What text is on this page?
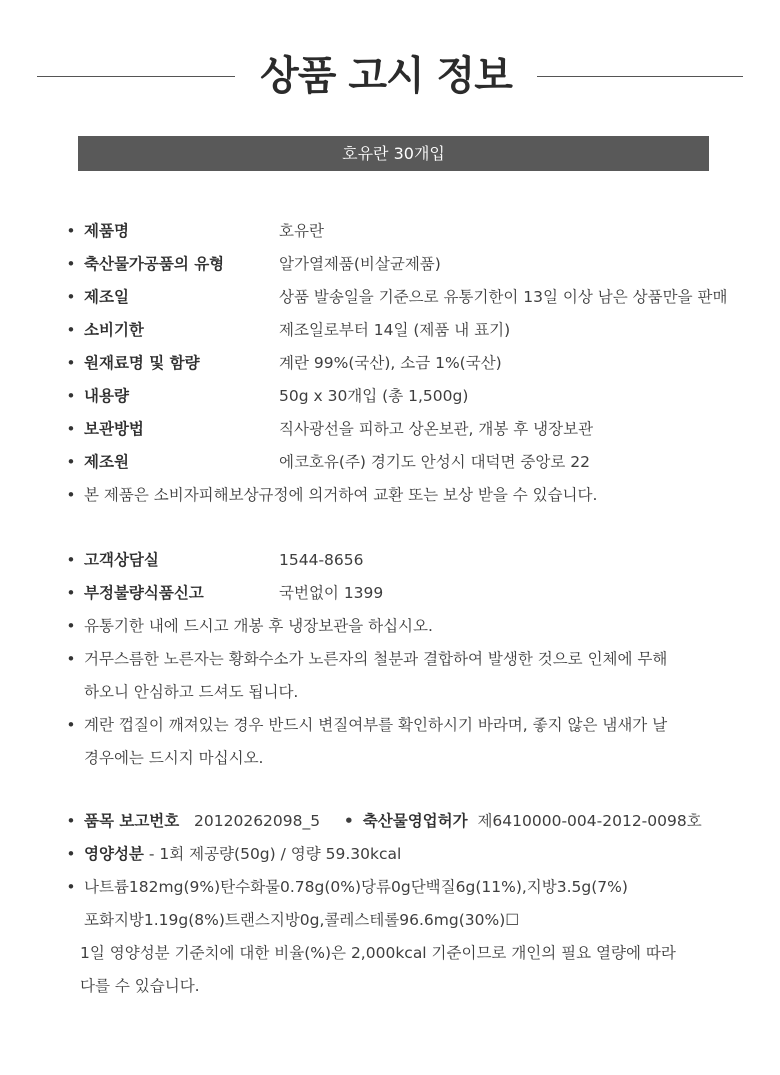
상품 고시 정보
호유란 30개입
• 제품명	호유란
• 축산물가공품의 유형	알가열제품(비살균제품)
• 제조일	상품 발송일을 기준으로 유통기한이 13일 이상 남은 상품만을 판매
• 소비기한	제조일로부터 14일 (제품 내 표기)
• 원재료명 및 함량	계란 99%(국산), 소금 1%(국산)
• 내용량	50g x 30개입 (총 1,500g)
• 보관방법	직사광선을 피하고 상온보관, 개봉 후 냉장보관
• 제조원	에코호유(주) 경기도 안성시 대덕면 중앙로 22
• 본 제품은 소비자피해보상규정에 의거하여 교환 또는 보상 받을 수 있습니다.
• 고객상담실	1544-8656
• 부정불량식품신고	국번없이 1399
• 유통기한 내에 드시고 개봉 후 냉장보관을 하십시오.
• 거무스름한 노른자는 황화수소가 노른자의 철분과 결합하여 발생한 것으로 인체에 무해
하오니 안심하고 드셔도 됩니다.
• 계란 껍질이 깨져있는 경우 반드시 변질여부를 확인하시기 바라며, 좋지 않은 냄새가 날
경우에는 드시지 마십시오.
• 품목 보고번호 20120262098_5 • 축산물영업허가 제6410000-004-2012-0098호
• 영양성분 - 1회 제공량(50g) / 영량 59.30kcal
• 나트륨182mg(9%)탄수화물0.78g(0%)당류0g단백질6g(11%),지방3.5g(7%)
포화지방1.19g(8%)트랜스지방0g,콜레스테롤96.6mg(30%)☐
1일 영양성분 기준치에 대한 비율(%)은 2,000kcal 기준이므로 개인의 필요 열량에 따라
다를 수 있습니다.
